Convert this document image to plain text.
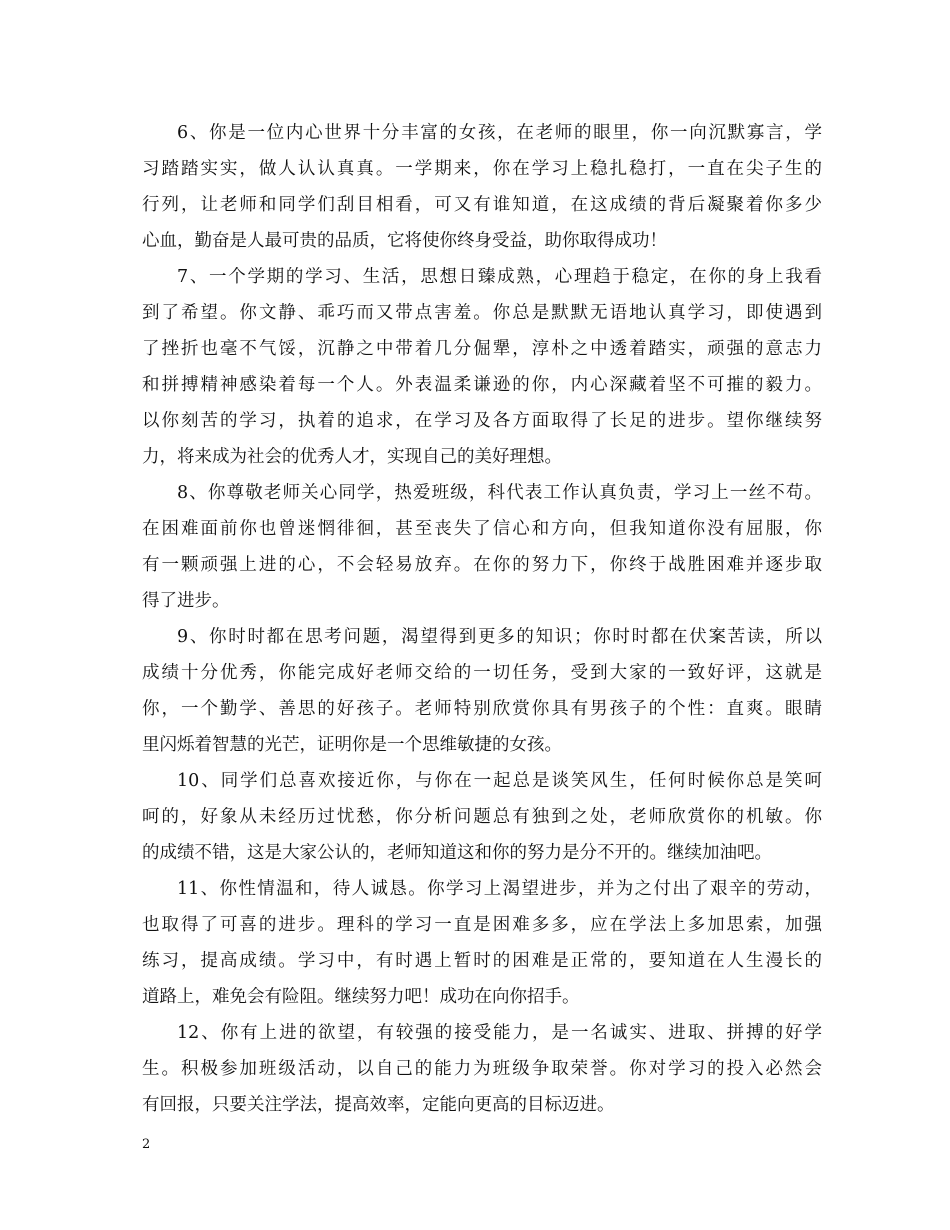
6、你是一位内心世界十分丰富的女孩，在老师的眼里，你一向沉默寡言，学
习踏踏实实，做人认认真真。一学期来，你在学习上稳扎稳打，一直在尖子生的
行列，让老师和同学们刮目相看，可又有谁知道，在这成绩的背后凝聚着你多少
心血，勤奋是人最可贵的品质，它将使你终身受益，助你取得成功！
7、一个学期的学习、生活，思想日臻成熟，心理趋于稳定，在你的身上我看
到了希望。你文静、乖巧而又带点害羞。你总是默默无语地认真学习，即使遇到
了挫折也毫不气馁，沉静之中带着几分倔犟，淳朴之中透着踏实，顽强的意志力
和拼搏精神感染着每一个人。外表温柔谦逊的你，内心深藏着坚不可摧的毅力。
以你刻苦的学习，执着的追求，在学习及各方面取得了长足的进步。望你继续努
力，将来成为社会的优秀人才，实现自己的美好理想。
8、你尊敬老师关心同学，热爱班级，科代表工作认真负责，学习上一丝不苟。
在困难面前你也曾迷惘徘徊，甚至丧失了信心和方向，但我知道你没有屈服，你
有一颗顽强上进的心，不会轻易放弃。在你的努力下，你终于战胜困难并逐步取
得了进步。
9、你时时都在思考问题，渴望得到更多的知识；你时时都在伏案苦读，所以
成绩十分优秀，你能完成好老师交给的一切任务，受到大家的一致好评，这就是
你，一个勤学、善思的好孩子。老师特别欣赏你具有男孩子的个性：直爽。眼睛
里闪烁着智慧的光芒，证明你是一个思维敏捷的女孩。
10、同学们总喜欢接近你，与你在一起总是谈笑风生，任何时候你总是笑呵
呵的，好象从未经历过忧愁，你分析问题总有独到之处，老师欣赏你的机敏。你
的成绩不错，这是大家公认的，老师知道这和你的努力是分不开的。继续加油吧。
11、你性情温和，待人诚恳。你学习上渴望进步，并为之付出了艰辛的劳动，
也取得了可喜的进步。理科的学习一直是困难多多，应在学法上多加思索，加强
练习，提高成绩。学习中，有时遇上暂时的困难是正常的，要知道在人生漫长的
道路上，难免会有险阻。继续努力吧！成功在向你招手。
12、你有上进的欲望，有较强的接受能力，是一名诚实、进取、拼搏的好学
生。积极参加班级活动，以自己的能力为班级争取荣誉。你对学习的投入必然会
有回报，只要关注学法，提高效率，定能向更高的目标迈进。
2
